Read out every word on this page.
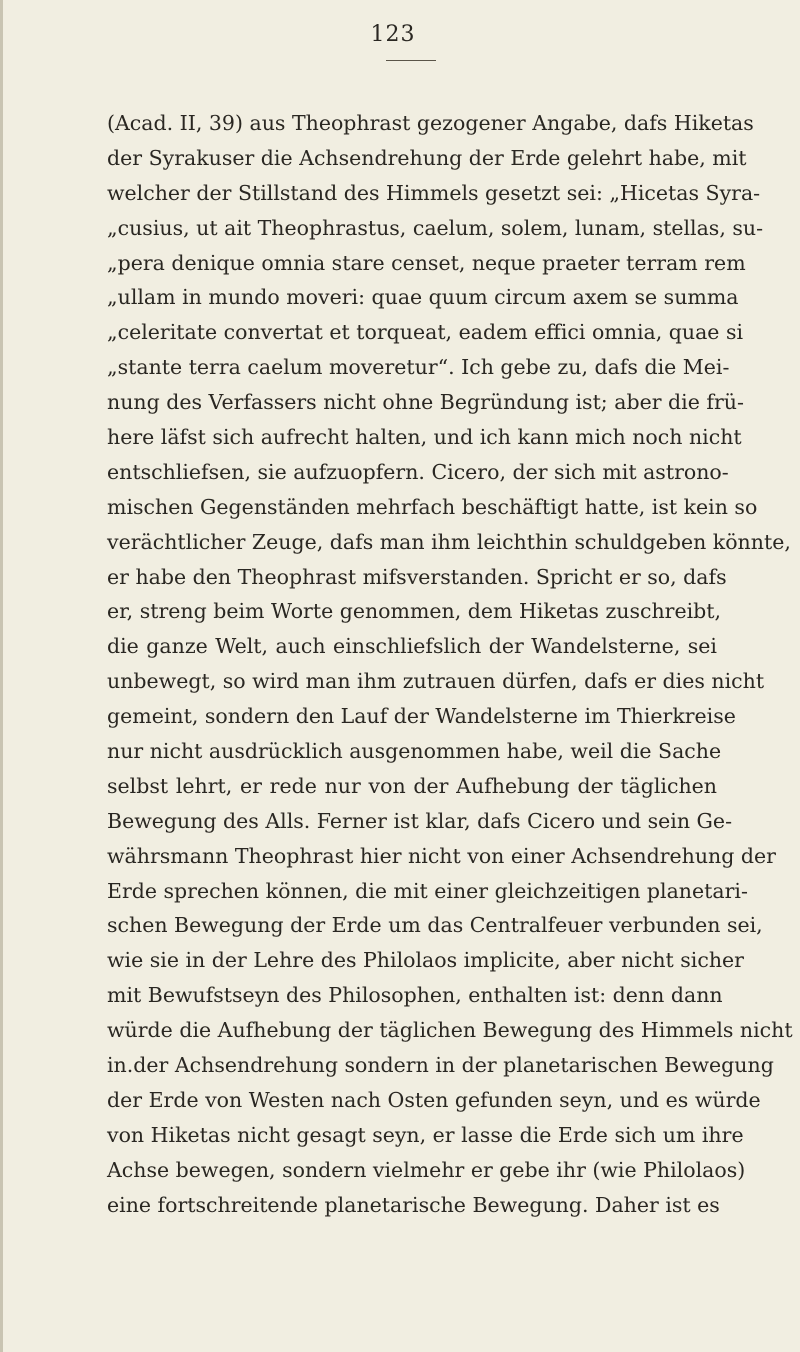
123
(Acad. II, 39) aus Theophrast gezogener Angabe, dafs Hiketas
der Syrakuser die Achsendrehung der Erde gelehrt habe, mit
welcher der Stillstand des Himmels gesetzt sei: „Hicetas Syra-
„cusius, ut ait Theophrastus, caelum, solem, lunam, stellas, su-
„pera denique omnia stare censet, neque praeter terram rem
„ullam in mundo moveri: quae quum circum axem se summa
„celeritate convertat et torqueat, eadem effici omnia, quae si
„stante terra caelum moveretur“. Ich gebe zu, dafs die Mei-
nung des Verfassers nicht ohne Begründung ist; aber die frü-
here läfst sich aufrecht halten, und ich kann mich noch nicht
entschliefsen, sie aufzuopfern. Cicero, der sich mit astrono-
mischen Gegenständen mehrfach beschäftigt hatte, ist kein so
verächtlicher Zeuge, dafs man ihm leichthin schuldgeben könnte,
er habe den Theophrast mifsverstanden. Spricht er so, dafs
er, streng beim Worte genommen, dem Hiketas zuschreibt,
die ganze Welt, auch einschliefslich der Wandelsterne, sei
unbewegt, so wird man ihm zutrauen dürfen, dafs er dies nicht
gemeint, sondern den Lauf der Wandelsterne im Thierkreise
nur nicht ausdrücklich ausgenommen habe, weil die Sache
selbst lehrt, er rede nur von der Aufhebung der täglichen
Bewegung des Alls. Ferner ist klar, dafs Cicero und sein Ge-
währsmann Theophrast hier nicht von einer Achsendrehung der
Erde sprechen können, die mit einer gleichzeitigen planetari-
schen Bewegung der Erde um das Centralfeuer verbunden sei,
wie sie in der Lehre des Philolaos implicite, aber nicht sicher
mit Bewufstseyn des Philosophen, enthalten ist: denn dann
würde die Aufhebung der täglichen Bewegung des Himmels nicht
in.der Achsendrehung sondern in der planetarischen Bewegung
der Erde von Westen nach Osten gefunden seyn, und es würde
von Hiketas nicht gesagt seyn, er lasse die Erde sich um ihre
Achse bewegen, sondern vielmehr er gebe ihr (wie Philolaos)
eine fortschreitende planetarische Bewegung. Daher ist es
